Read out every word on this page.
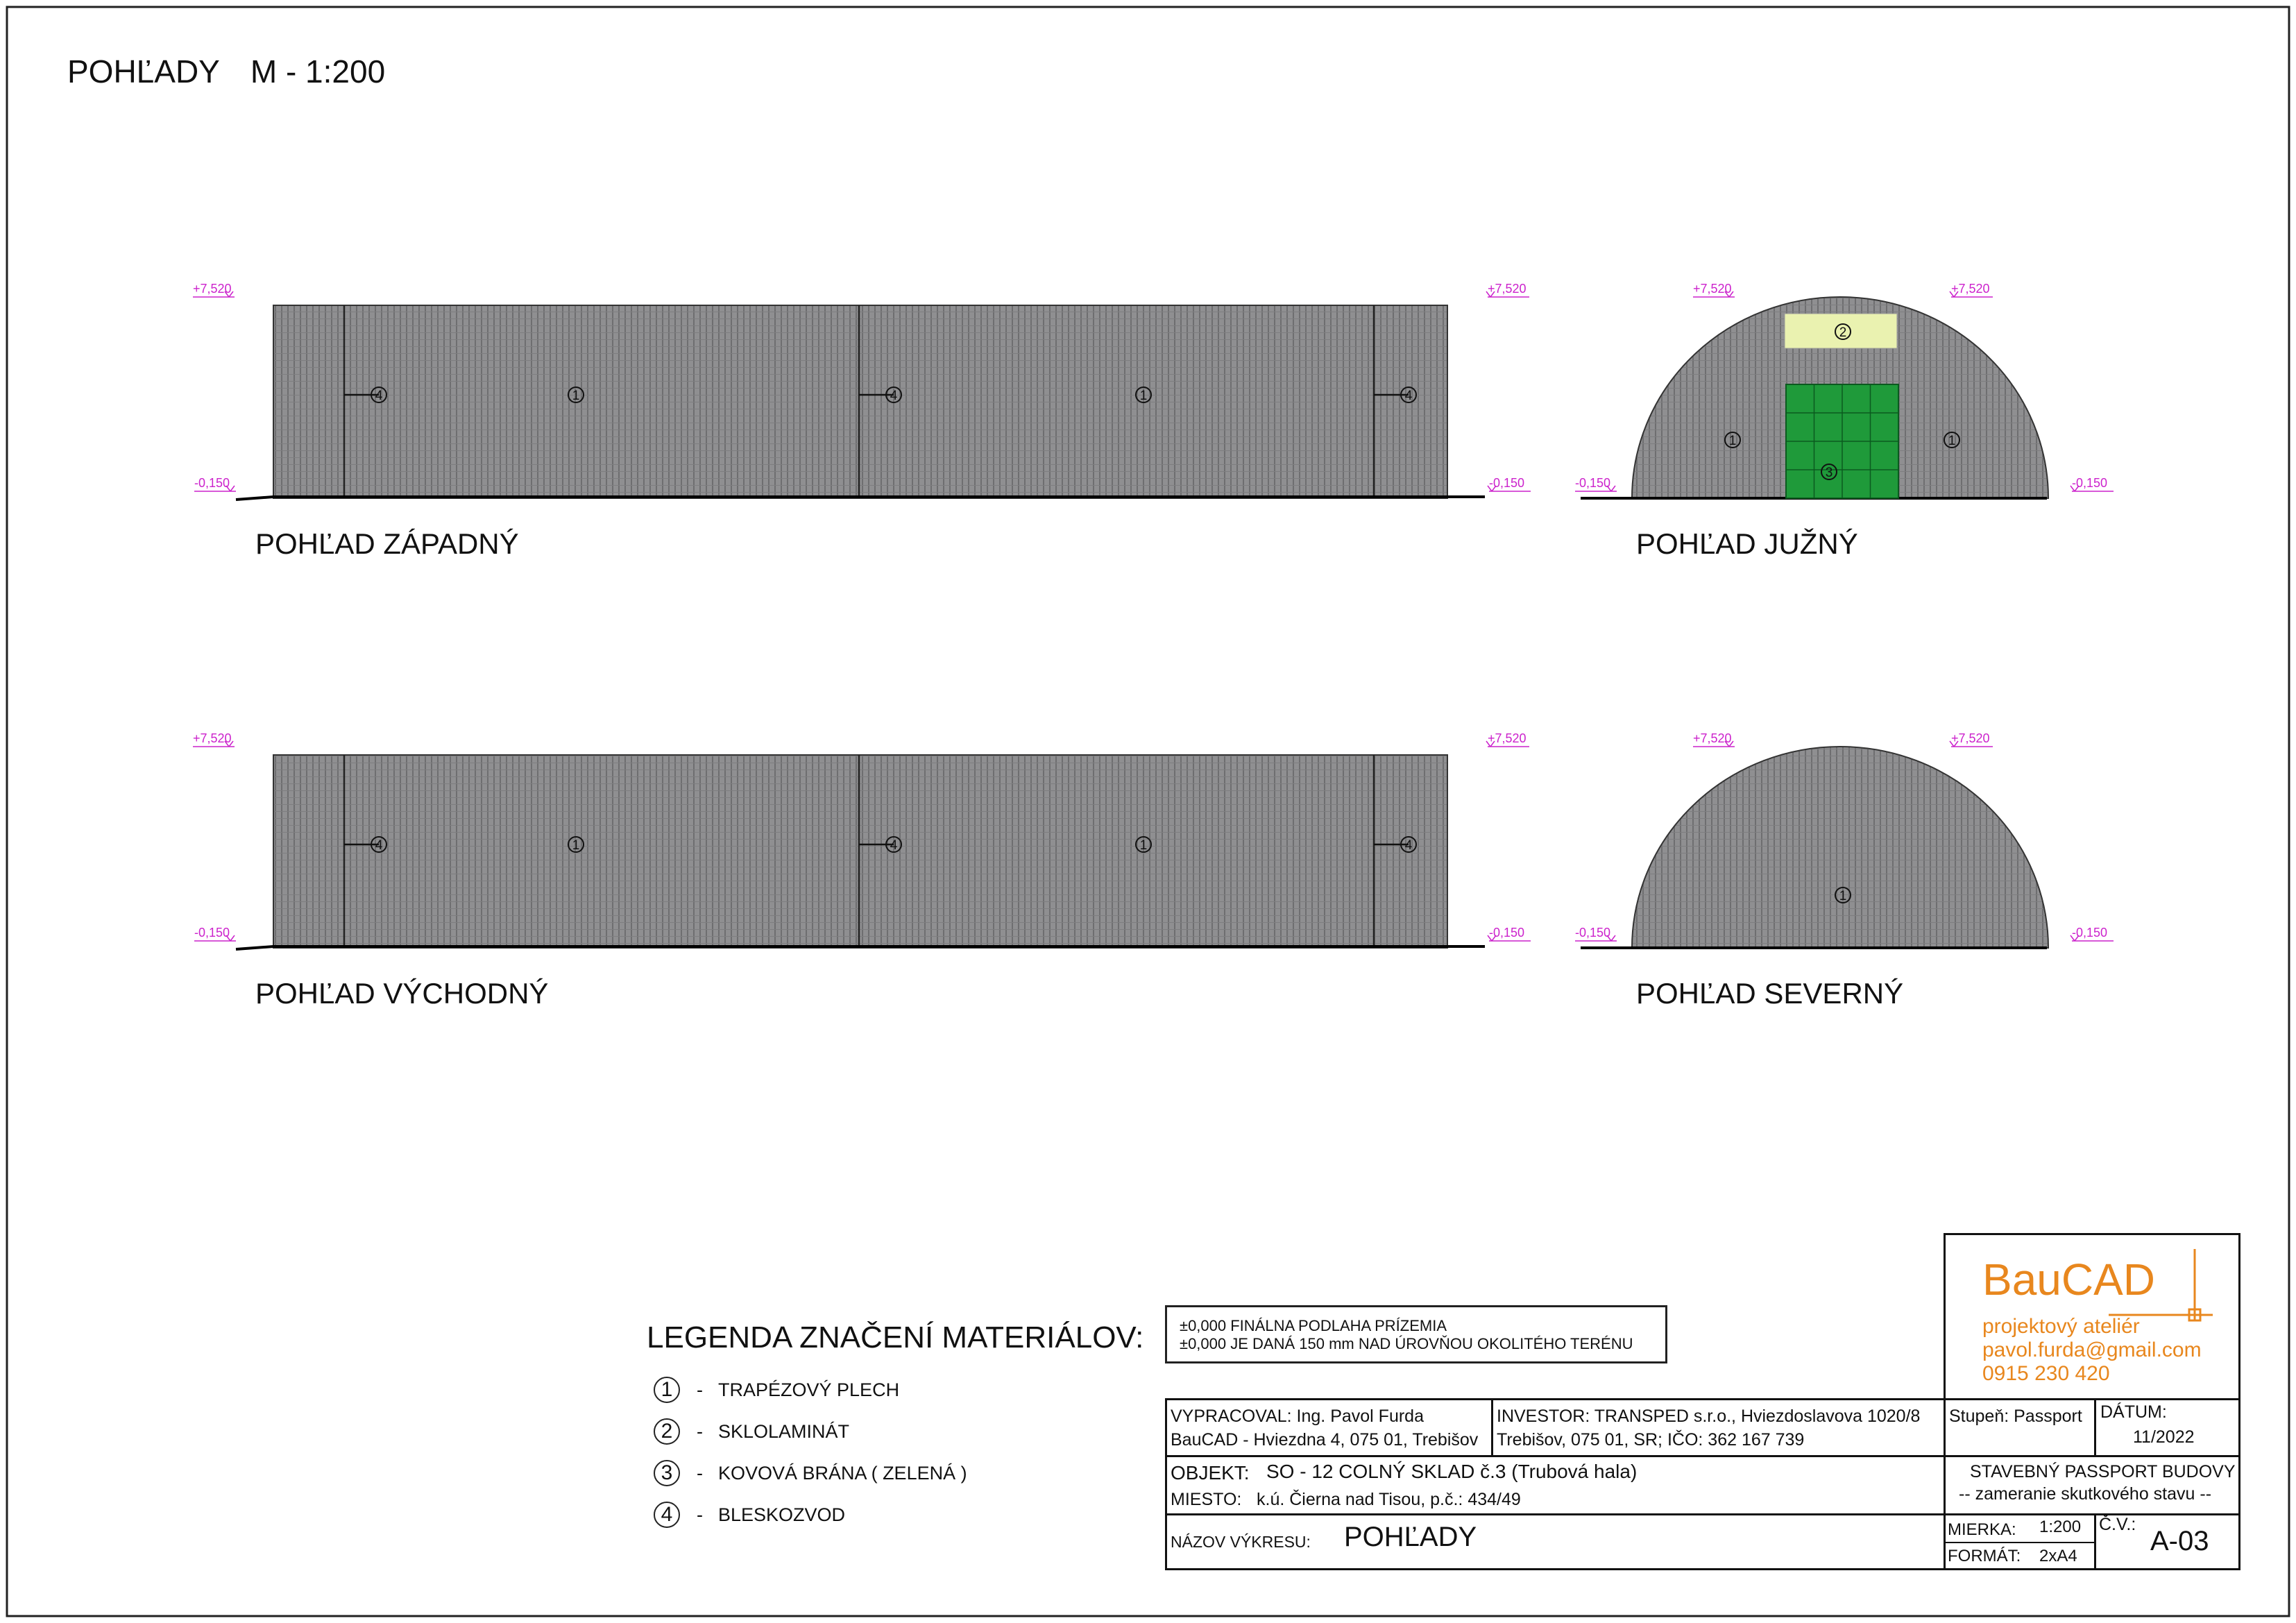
4	1	4	1	4
+7,520	+7,520
-0,150	-0,150
POHĽAD ZÁPADNÝ
2
1
3
1
+7,520	+7,520
-0,150	-0,150
POHĽAD JUŽNÝ
4	1	4	1	4
+7,520	+7,520
-0,150	-0,150
POHĽAD VÝCHODNÝ
1
+7,520	+7,520
-0,150	-0,150
POHĽAD SEVERNÝ
POHĽADY M - 1:200
LEGENDA ZNAČENÍ MATERIÁLOV:
1	- TRAPÉZOVÝ PLECH
2	- SKLOLAMINÁT
3	- KOVOVÁ BRÁNA ( ZELENÁ )
4	- BLESKOZVOD
±0,000 FINÁLNA PODLAHA PRÍZEMIA
±0,000 JE DANÁ 150 mm NAD ÚROVŇOU OKOLITÉHO TERÉNU
BauCAD
projektový ateliér
pavol.furda@gmail.com
0915 230 420
VYPRACOVAL: Ing. Pavol Furda
BauCAD - Hviezdna 4, 075 01, Trebišov
INVESTOR: TRANSPED s.r.o., Hviezdoslavova 1020/8
Trebišov, 075 01, SR; IČO: 362 167 739
Stupeň: Passport DÁTUM:
11/2022
OBJEKT: SO - 12 COLNÝ SKLAD č.3 (Trubová hala)
MIESTO: k.ú. Čierna nad Tisou, p.č.: 434/49
STAVEBNÝ PASSPORT BUDOVY
-- zameranie skutkového stavu --
NÁZOV VÝKRESU: POHĽADY	MIERKA: 1:200
FORMÁT: 2xA4
Č.V.:
A-03
